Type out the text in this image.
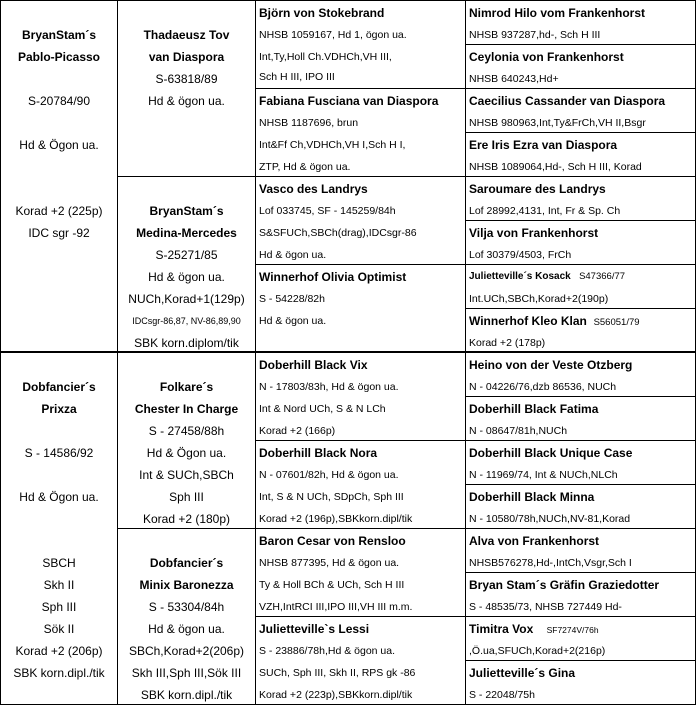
BryanStam´s
Pablo-Picasso
S-20784/90
Hd & Ögon ua.
Korad +2 (225p)
IDC sgr -92
Dobfancier´s
Prixza
S - 14586/92
Hd & Ögon ua.
SBCH
Skh II
Sph III
Sök II
Korad +2 (206p)
SBK korn.dipl./tik
Thadaeusz Tov
van Diaspora
S-63818/89
Hd & ögon ua.
BryanStam´s
Medina-Mercedes
S-25271/85
Hd & ögon ua.
NUCh,Korad+1(129p)
IDCsgr-86,87, NV-86,89,90
SBK korn.diplom/tik
Folkare´s
Chester In Charge
S - 27458/88h
Hd & Ögon ua.
Int & SUCh,SBCh
Sph III
Korad +2 (180p)
Dobfancier´s
Minix Baronezza
S - 53304/84h
Hd & ögon ua.
SBCh,Korad+2(206p)
Skh III,Sph III,Sök III
SBK korn.dipl./tik
Björn von Stokebrand
NHSB 1059167, Hd 1, ögon ua.
Int,Ty,Holl Ch.VDHCh,VH III,
Sch H III, IPO III
Fabiana Fusciana van Diaspora
NHSB 1187696, brun
Int&Ff Ch,VDHCh,VH I,Sch H I,
ZTP, Hd & ögon ua.
Vasco des Landrys
Lof 033745, SF - 145259/84h
S&SFUCh,SBCh(drag),IDCsgr-86
Hd & ögon ua.
Winnerhof Olivia Optimist
S - 54228/82h
Hd & ögon ua.
Doberhill Black Vix
N - 17803/83h, Hd & ögon ua.
Int & Nord UCh, S & N LCh
Korad +2 (166p)
Doberhill Black Nora
N - 07601/82h, Hd & ögon ua.
Int, S & N UCh, SDpCh, Sph III
Korad +2 (196p),SBKkorn.dipl/tik
Baron Cesar von Rensloo
NHSB 877395, Hd & ögon ua.
Ty & Holl BCh & UCh, Sch H III
VZH,IntRCI III,IPO III,VH III m.m.
Julietteville`s Lessi
S - 23886/78h,Hd & ögon ua.
SUCh, Sph III, Skh II, RPS gk -86
Korad +2 (223p),SBKkorn.dipl/tik
Nimrod Hilo vom Frankenhorst
NHSB 937287,hd-, Sch H III
Ceylonia von Frankenhorst
NHSB 640243,Hd+
Caecilius Cassander van Diaspora
NHSB 980963,Int,Ty&FrCh,VH II,Bsgr
Ere Iris Ezra van Diaspora
NHSB 1089064,Hd-, Sch H III, Korad
Saroumare des Landrys
Lof 28992,4131, Int, Fr & Sp. Ch
Vilja von Frankenhorst
Lof 30379/4503, FrCh
Julietteville´s Kosack S47366/77
Int.UCh,SBCh,Korad+2(190p)
Winnerhof Kleo Klan S56051/79
Korad +2 (178p)
Heino von der Veste Otzberg
N - 04226/76,dzb 86536, NUCh
Doberhill Black Fatima
N - 08647/81h,NUCh
Doberhill Black Unique Case
N - 11969/74, Int & NUCh,NLCh
Doberhill Black Minna
N - 10580/78h,NUCh,NV-81,Korad
Alva von Frankenhorst
NHSB576278,Hd-,IntCh,Vsgr,Sch I
Bryan Stam´s Gräfin Graziedotter
S - 48535/73, NHSB 727449 Hd-
Timitra Vox SF7274V/76h
,Ö.ua,SFUCh,Korad+2(216p)
Julietteville´s Gina
S - 22048/75h
